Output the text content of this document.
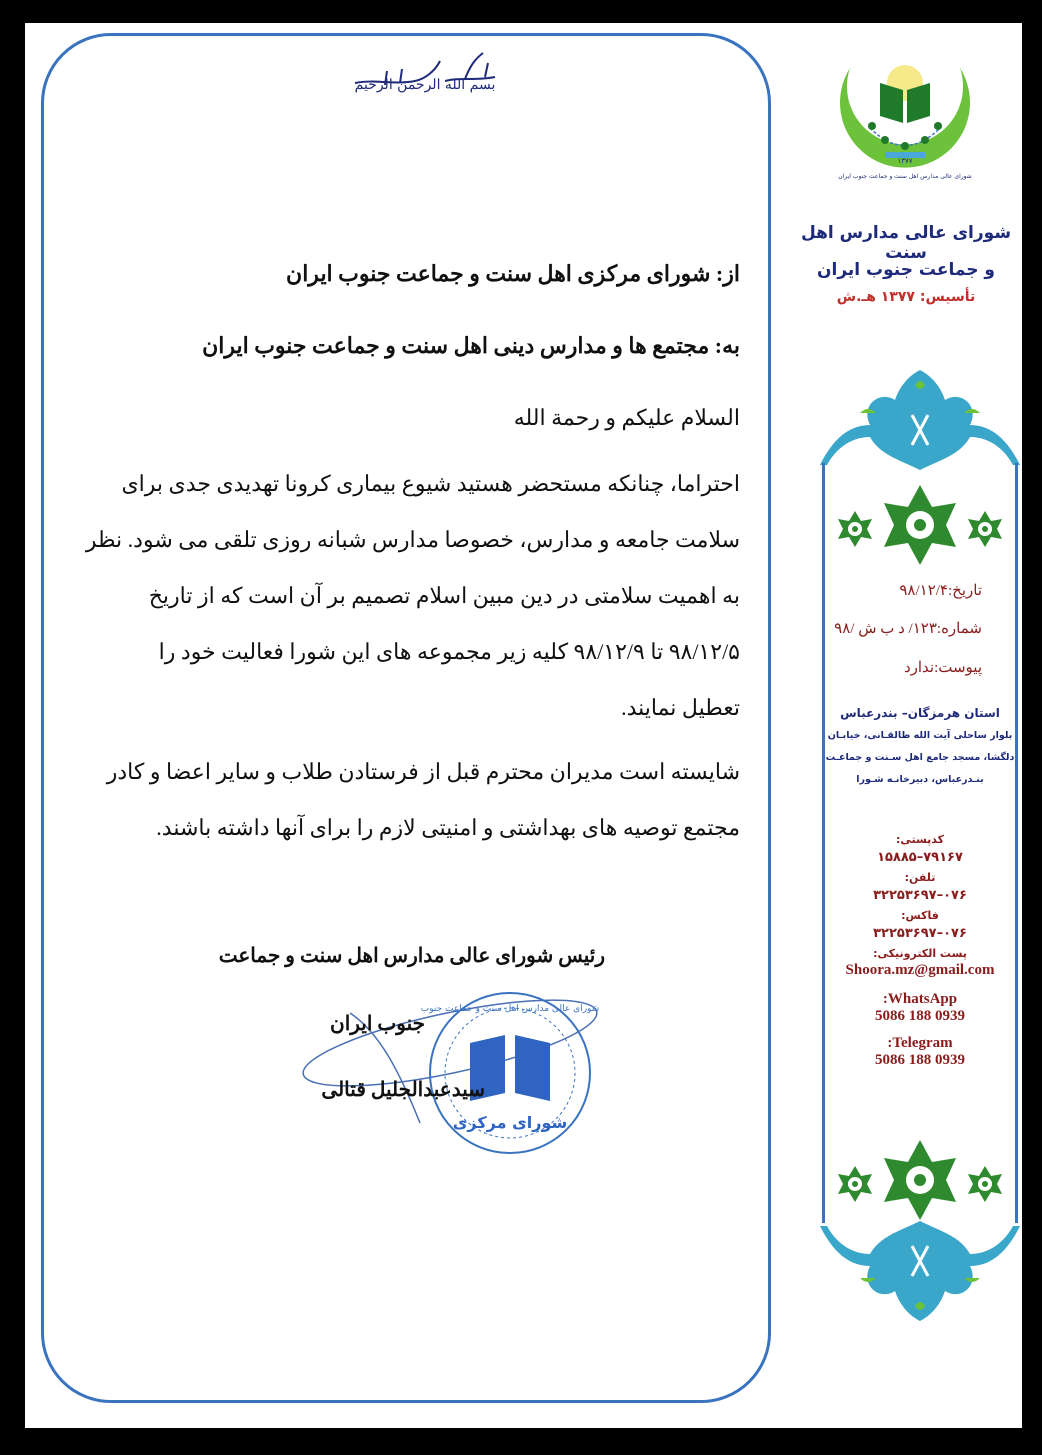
بسم الله الرحمن الرحیم

از: شورای مرکزی اهل سنت و جماعت جنوب ایران

به: مجتمع ها و مدارس دینی اهل سنت و جماعت جنوب ایران

السلام علیکم و رحمة الله

احتراما، چنانکه مستحضر هستید شیوع بیماری کرونا تهدیدی جدی برای
سلامت جامعه و مدارس، خصوصا مدارس شبانه روزی تلقی می شود. نظر
به اهمیت سلامتی در دین مبین اسلام تصمیم بر آن است که از تاریخ
۹۸/۱۲/۵ تا ۹۸/۱۲/۹ کلیه زیر مجموعه های این شورا فعالیت خود را
تعطیل نمایند.
شایسته است مدیران محترم قبل از فرستادن طلاب و سایر اعضا و کادر
مجتمع توصیه های بهداشتی و امنیتی لازم را برای آنها داشته باشند.
شورای مرکزی
شورای عالی مدارس اهل سنت و جماعت جنوب
رئیس شورای عالی مدارس اهل سنت و جماعت
جنوب ایران
سیدعبدالجلیل قتالی
۱۳۷۷
شورای عالی مدارس اهل سنت و جماعت جنوب ایران
شورای عالی مدارس اهل سنت
و جماعت جنوب ایران
تأسیس: ۱۳۷۷ هـ.ش
تاریخ:۹۸/۱۲/۴
شماره:۱۲۳/ د ب ش /۹۸
پیوست:ندارد
استان هرمزگان– بندرعباس
بلوار ساحلی آیت الله طالقـانی، خیابـان
دلگشا، مسجد جامع اهل سـنت و جماعـت
بنـدرعباس، دبیرخانـه شـورا
کدپستی:
۷۹۱۶۷–۱۵۸۸۵
تلفن:
۰۷۶–۳۲۲۵۳۶۹۷
فاکس:
۰۷۶–۳۲۲۵۳۶۹۷
پست الکترونیکی:
Shoora.mz@gmail.com
WhatsApp:
0939 188 5086
Telegram:
0939 188 5086
